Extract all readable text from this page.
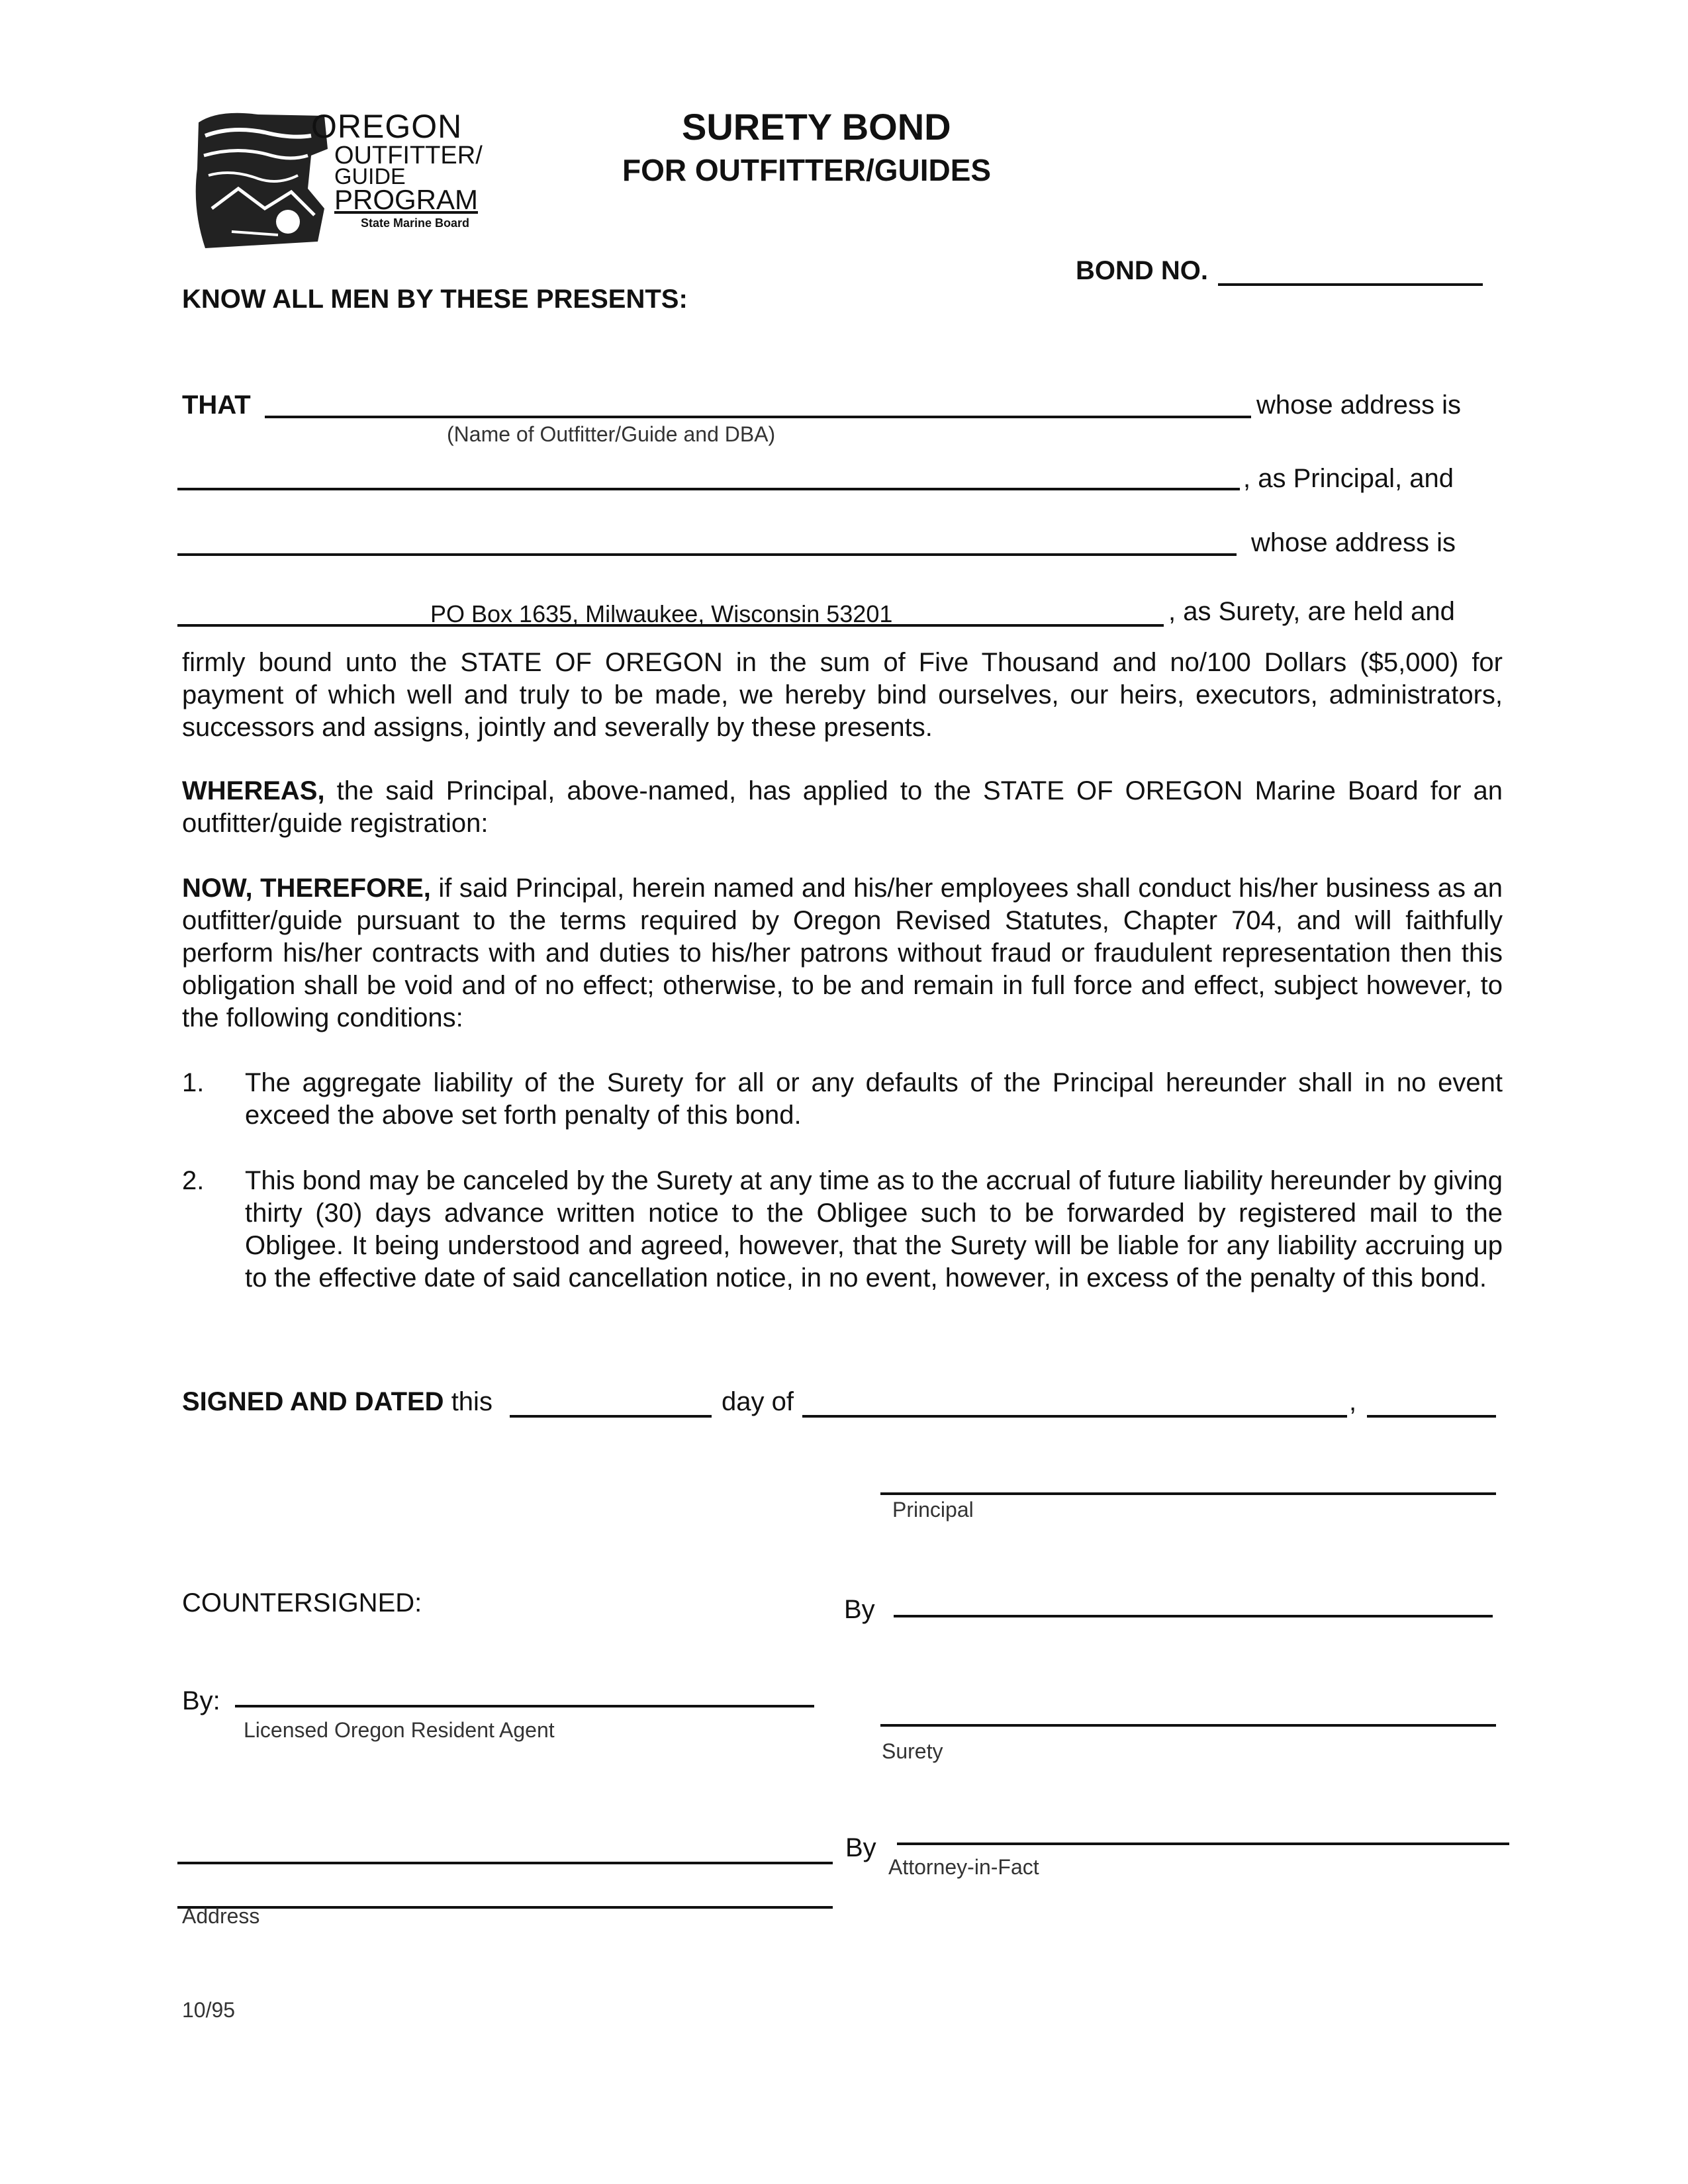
OREGON
OUTFITTER/
GUIDE
PROGRAM
State Marine Board
SURETY BOND
FOR OUTFITTER/GUIDES
BOND NO.
KNOW ALL MEN BY THESE PRESENTS:
THAT	whose address is
(Name of Outfitter/Guide and DBA)
, as Principal, and
whose address is
PO Box 1635, Milwaukee, Wisconsin 53201	, as Surety, are held and

firmly bound unto the STATE OF OREGON in the sum of Five Thousand and no/100 Dollars ($5,000) for payment of which well and truly to be made, we hereby bind ourselves, our heirs, executors, administrators, successors and assigns, jointly and severally by these presents.

WHEREAS, the said Principal, above-named, has applied to the STATE OF OREGON Marine Board for an outfitter/guide registration:

NOW, THEREFORE, if said Principal, herein named and his/her employees shall conduct his/her business as an outfitter/guide pursuant to the terms required by Oregon Revised Statutes, Chapter 704, and will faithfully perform his/her contracts with and duties to his/her patrons without fraud or fraudulent representation then this obligation shall be void and of no effect; otherwise, to be and remain in full force and effect, subject however, to the following conditions:

1. The aggregate liability of the Surety for all or any defaults of the Principal hereunder shall in no event exceed the above set forth penalty of this bond.

2. This bond may be canceled by the Surety at any time as to the accrual of future liability hereunder by giving thirty (30) days advance written notice to the Obligee such to be forwarded by registered mail to the Obligee. It being understood and agreed, however, that the Surety will be liable for any liability accruing up to the effective date of said cancellation notice, in no event, however, in excess of the penalty of this bond.

SIGNED AND DATED this	day of	,
Principal
COUNTERSIGNED:	By
By:
Licensed Oregon Resident Agent
Surety
By
Attorney-in-Fact
Address
10/95
